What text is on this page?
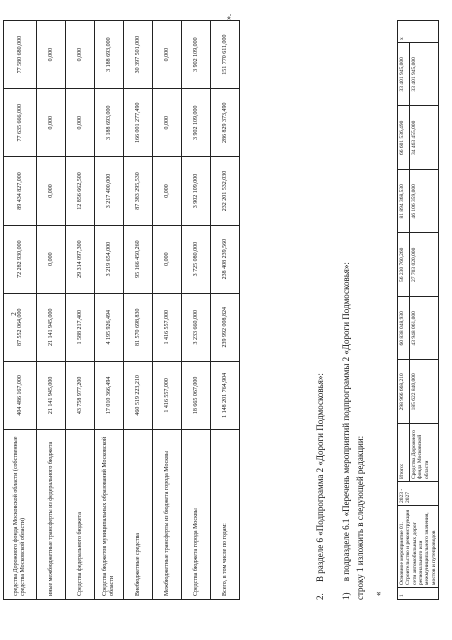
2
средства Дорожного фонда Московской области (собственные средства Московской области)	404 486 167,000	87 552 064,000	72 282 930,000	89 434 827,000	77 635 666,000	77 580 680,000
иные межбюджетные трансферты из федерального бюджета	21 141 945,000	21 141 945,000	0,000	0,000	0,000	0,000
Средства федерального бюджета	43 758 977,200	1 588 217,400	29 314 097,300	12 856 662,500	0,000	0,000
Средства бюджетов муниципальных образований Московской области	17 010 366,494	4 195 926,494	3 219 654,000	3 217 400,000	3 188 693,000	3 188 693,000
Внебюджетные средства	460 519 223,210	81 570 698,830	95 166 450,260	87 383 295,530	166 001 277,490	30 397 501,000
Межбюджетные трансферты из бюджета города Москвы	1 416 557,000	1 416 557,000	0,000	0,000	0,000	0,000
Средства бюджета города Москвы	18 665 067,000	3 233 660,000	3 725 080,000	3 902 109,000	3 902 109,000	3 902 109,000
Всего, в том числе по годам:	1 148 201 764,904	239 992 008,824	238 408 239,560	232 201 532,030	286 829 373,490	151 770 611,000
».
2.     В разделе 6 «Подпрограмма 2 «Дороги Подмосковья»:
1)     в подразделе 6.1 «Перечень мероприятий подпрограммы 2 «Дороги Подмосковья»: строку 1 изложить в следующей редакции: «	1	Основное мероприятие 01. Строительство и реконструкция сети автомобильных дорог регионального или межмуниципального значения, мостов и путепроводов	2023 - 2027	Итого:	298 966 668,210	60 838 048,930	56 230 760,260	81 894 368,530	66 601 536,490	33 401 945,000	х
			Средства Дорожного фонда Московской области	185 622 840,000	43 948 061,000	27 703 020,000	46 106 359,000	34 463 455,000	33 401 945,000	
